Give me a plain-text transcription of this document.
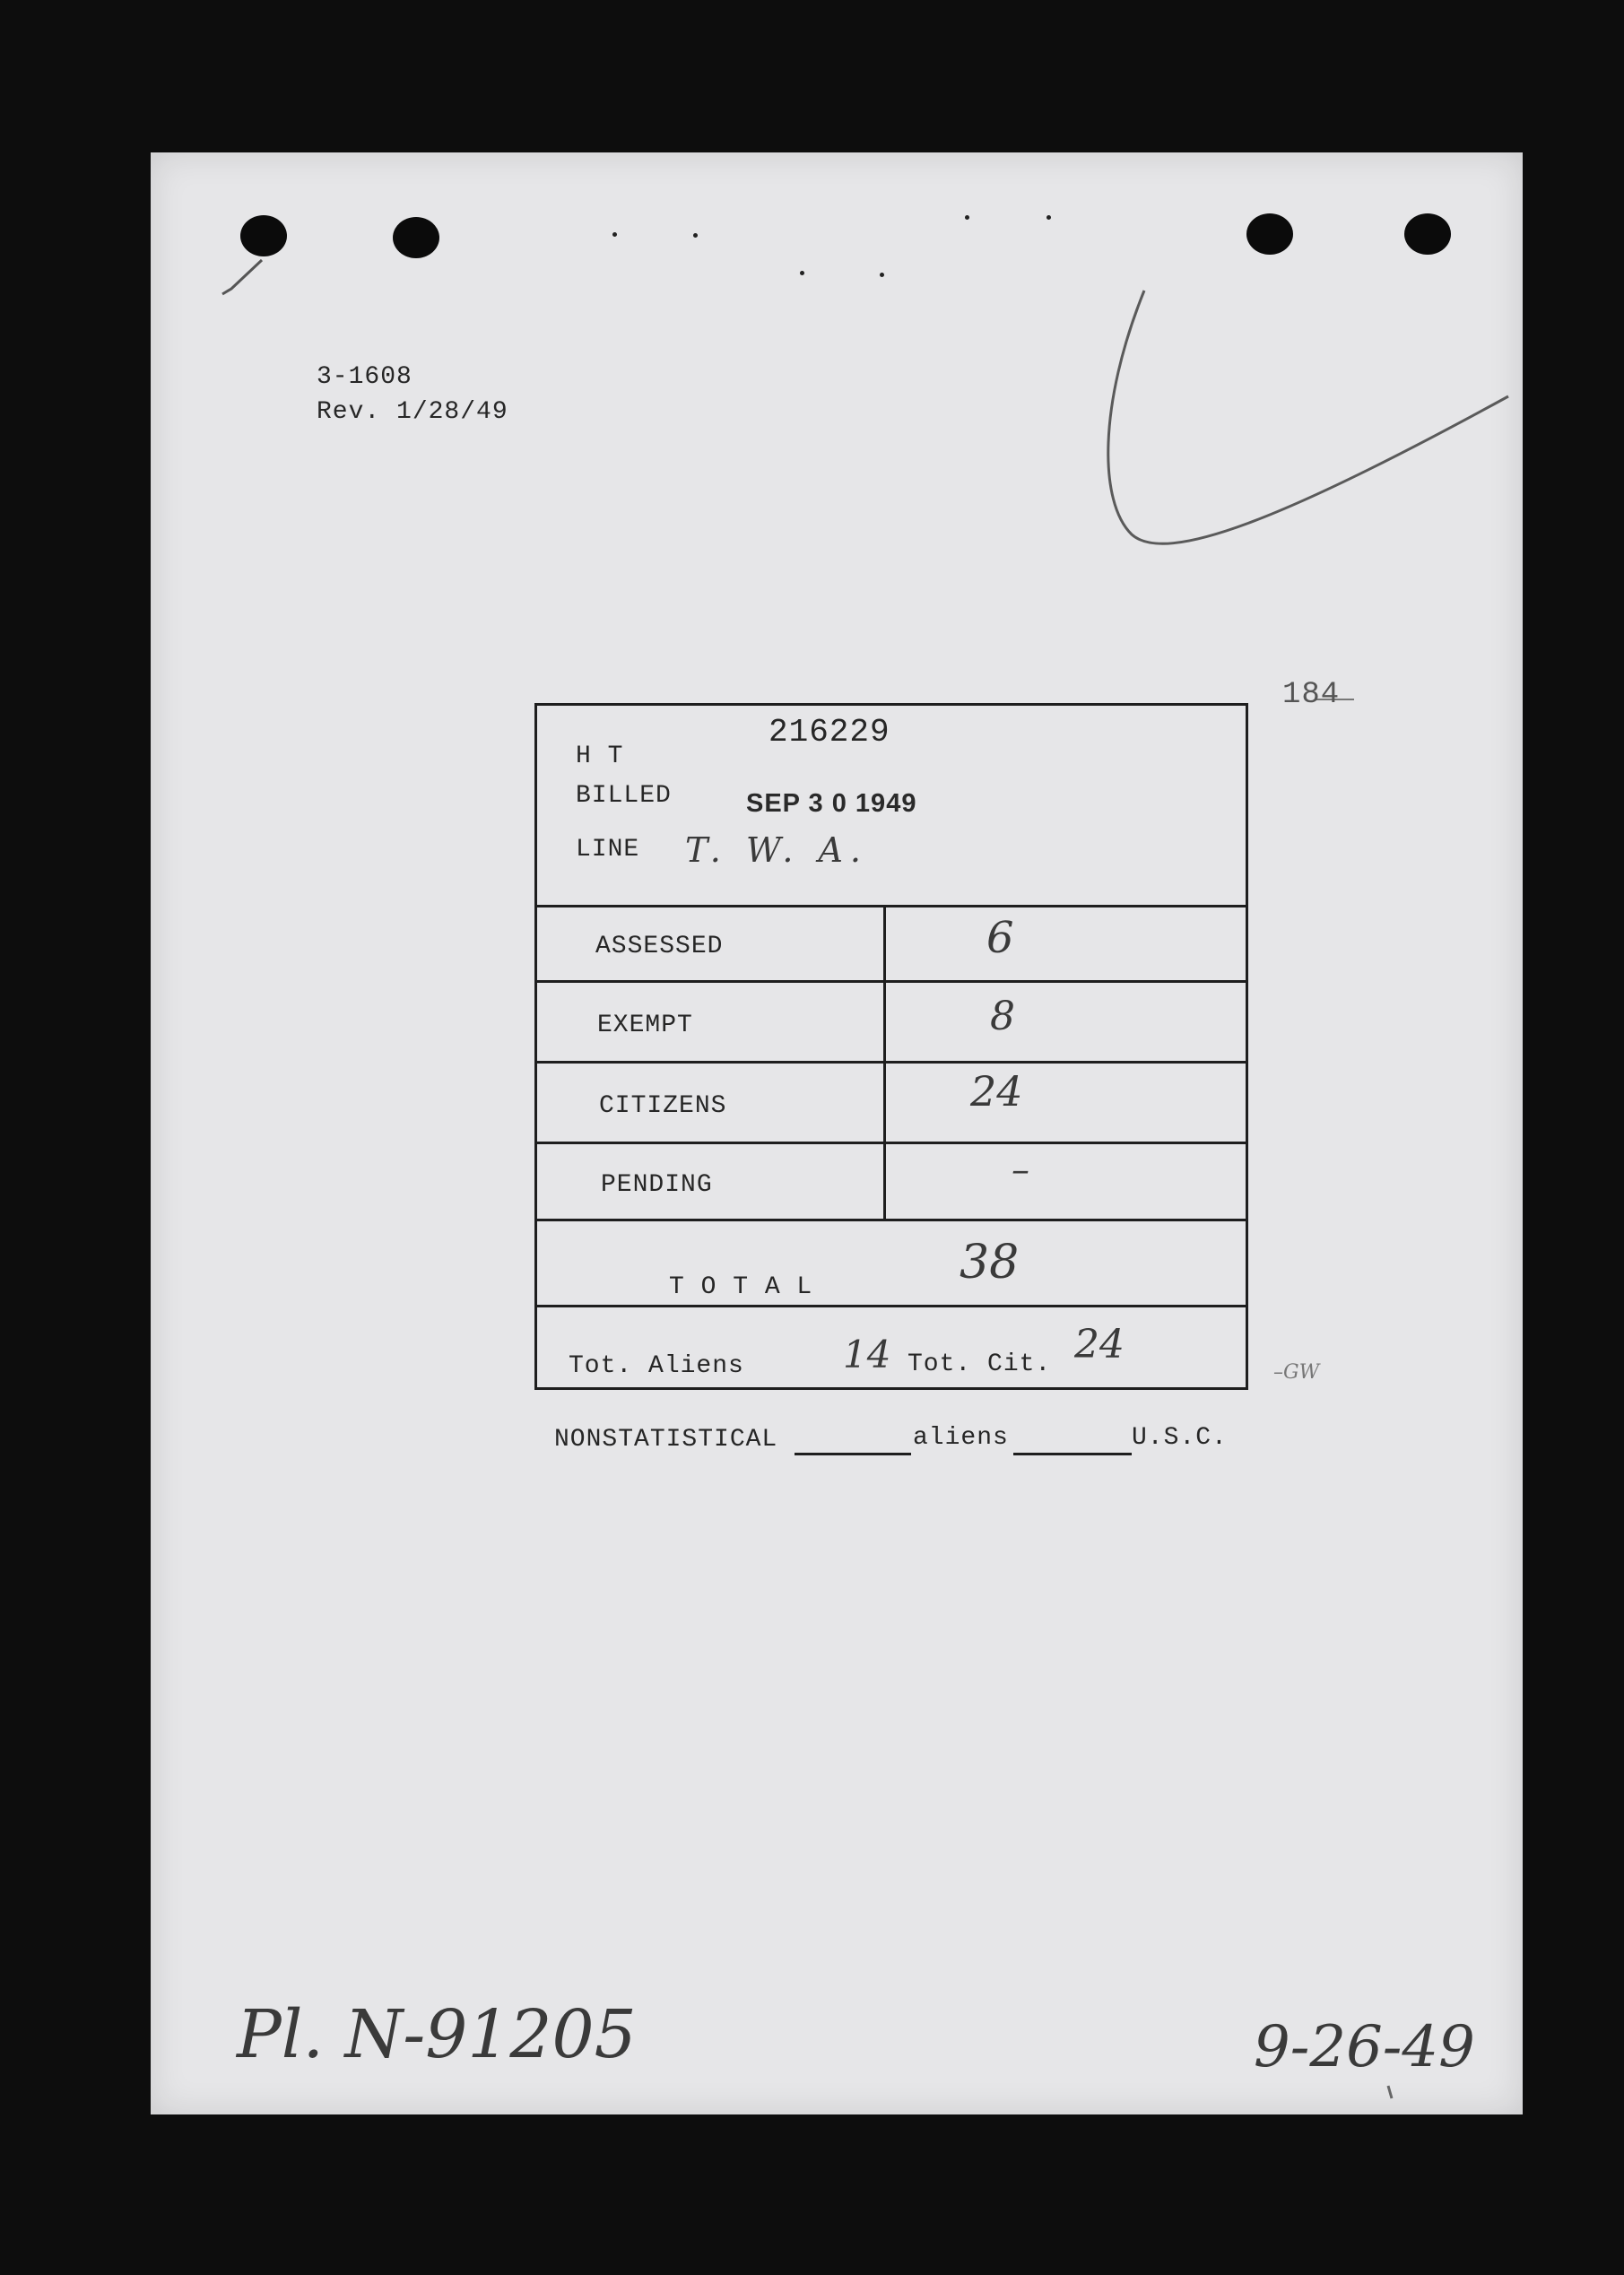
3-1608
Rev. 1/28/49
184
216229
H T
BILLED	SEP 3 0 1949
LINE T. W. A.
ASSESSED	6
EXEMPT	8
CITIZENS	24
PENDING	–
T O T A L	38
Tot. Aliens	14 Tot. Cit. 24
–GW
NONSTATISTICAL	aliens	U.S.C.
Pl. N-91205	9-26-49
